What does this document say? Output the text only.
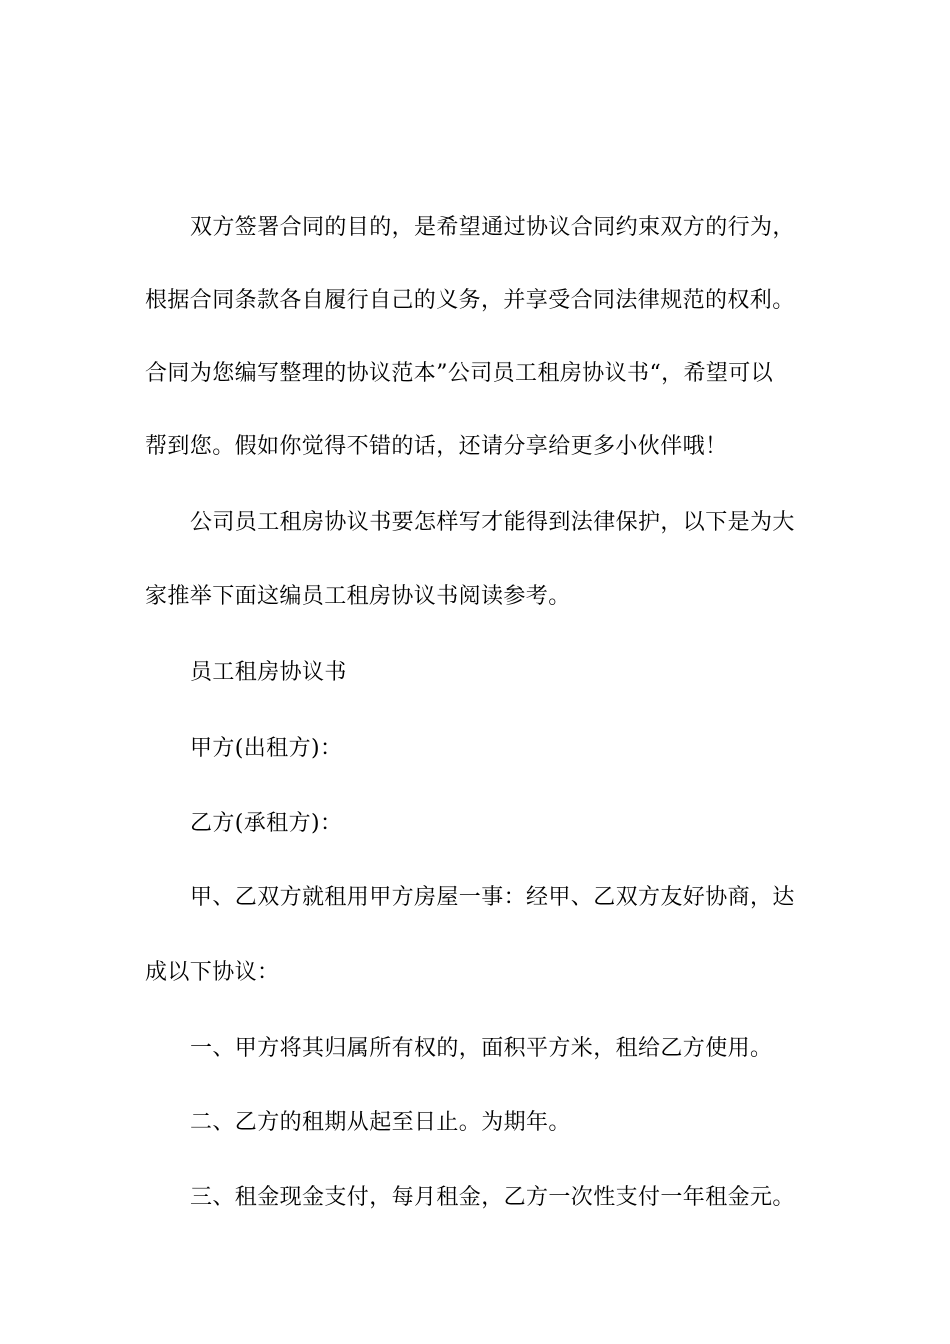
双方签署合同的目的，是希望通过协议合同约束双方的行为，
根据合同条款各自履行自己的义务，并享受合同法律规范的权利。
合同为您编写整理的协议范本”公司员工租房协议书“，希望可以
帮到您。假如你觉得不错的话，还请分享给更多小伙伴哦！
公司员工租房协议书要怎样写才能得到法律保护，以下是为大
家推举下面这编员工租房协议书阅读参考。
员工租房协议书
甲方(出租方)：
乙方(承租方)：
甲、乙双方就租用甲方房屋一事：经甲、乙双方友好协商，达
成以下协议：
一、甲方将其归属所有权的，面积平方米，租给乙方使用。
二、乙方的租期从起至日止。为期年。
三、租金现金支付，每月租金，乙方一次性支付一年租金元。
